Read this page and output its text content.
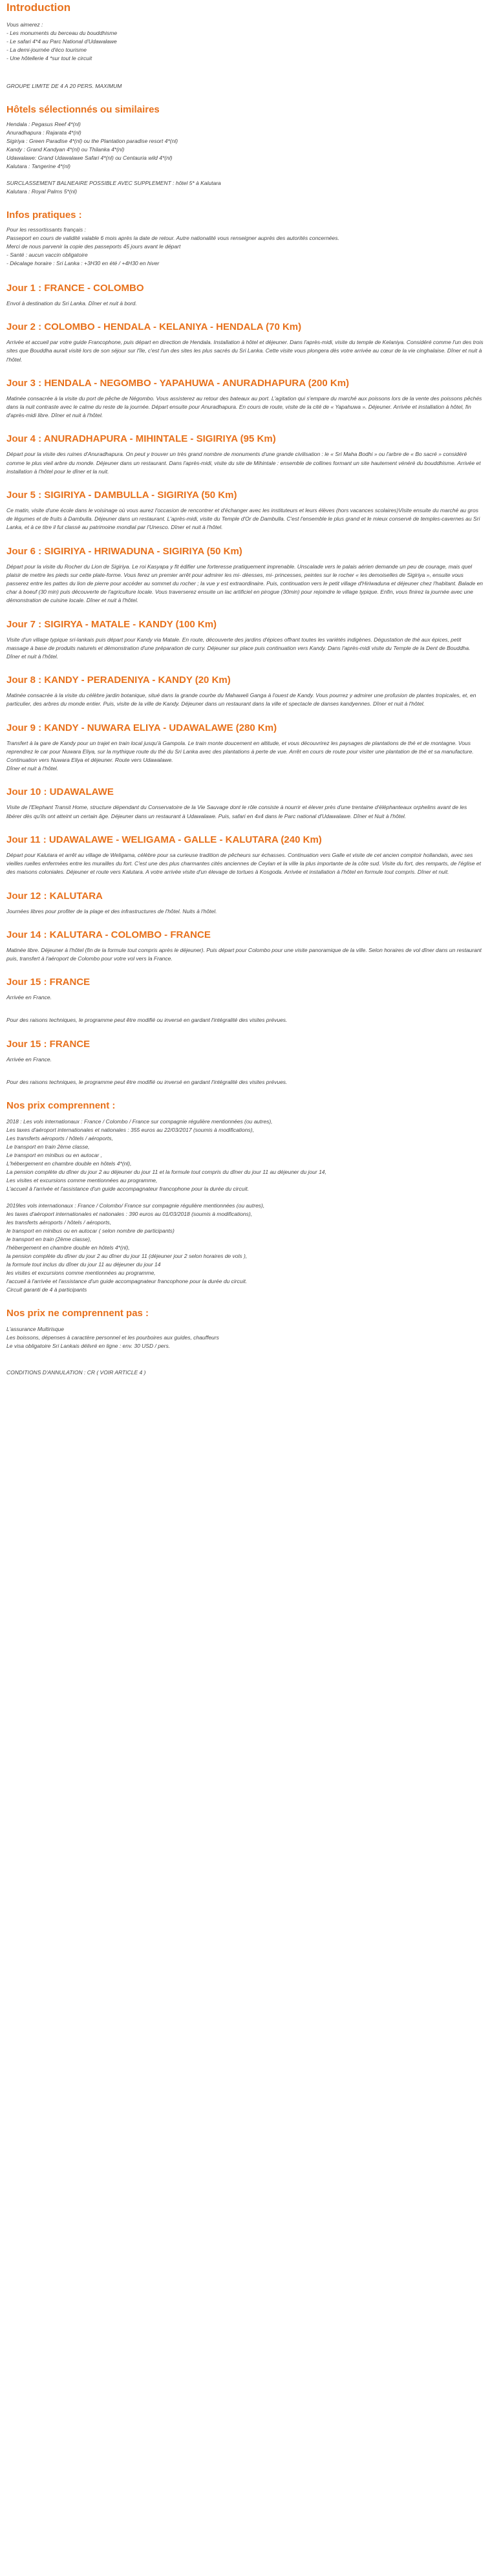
Introduction
Vous aimerez :
- Les monuments du berceau du bouddhisme
- Le safari 4*4 au Parc National d'Udawalawe
- La demi-journée d'éco tourisme
- Une hôtellerie 4 *sur tout le circuit
GROUPE LIMITE DE 4 A 20 PERS. MAXIMUM
Hôtels sélectionnés ou similaires
Hendala : Pegasus Reef 4*(nl)
Anuradhapura : Rajarata 4*(nl)
Sigiriya : Green Paradise 4*(nl) ou the Plantation paradise resort 4*(nl)
Kandy : Grand Kandyan 4*(nl) ou Thilanka 4*(nl)
Udawalawe: Grand Udawalawe Safari 4*(nl) ou Centauria wild 4*(nl)
Kalutara : Tangerine 4*(nl)
SURCLASSEMENT BALNEAIRE POSSIBLE AVEC SUPPLEMENT : hôtel 5* à Kalutara
Kalutara : Royal Palms 5*(nl)
Infos pratiques :
Pour les ressortissants français :
Passeport en cours de validité valable 6 mois après la date de retour. Autre nationalité vous renseigner auprès des autorités concernées.
Merci de nous parvenir la copie des passeports 45 jours avant le départ
- Santé : aucun vaccin obligatoire
- Décalage horaire : Sri Lanka : +3H30 en été / +4H30 en hiver
Jour 1 : FRANCE - COLOMBO

Envol à destination du Sri Lanka. Dîner et nuit à bord.

Jour 2 : COLOMBO - HENDALA - KELANIYA - HENDALA (70 Km)

Arrivée et accueil par votre guide Francophone, puis départ en direction de Hendala. Installation à hôtel et déjeuner. Dans l'après-midi, visite du temple de Kelaniya. Considéré comme l'un des trois sites que Bouddha aurait visité lors de son séjour sur l'île, c'est l'un des sites les plus sacrés du Sri Lanka. Cette visite vous plongera dès votre arrivée au cœur de la vie cinghalaise. Dîner et nuit à l'hôtel.

Jour 3 : HENDALA - NEGOMBO - YAPAHUWA - ANURADHAPURA (200 Km)

Matinée consacrée à la visite du port de pêche de Négombo. Vous assisterez au retour des bateaux au port. L'agitation qui s'empare du marché aux poissons lors de la vente des poissons pêchés dans la nuit contraste avec le calme du reste de la journée. Départ ensuite pour Anuradhapura. En cours de route, visite de la cité de « Yapahuwa ». Déjeuner. Arrivée et installation à hôtel, fin d'après-midi libre. Dîner et nuit à l'hôtel.

Jour 4 : ANURADHAPURA - MIHINTALE - SIGIRIYA (95 Km)

Départ pour la visite des ruines d'Anuradhapura. On peut y trouver un très grand nombre de monuments d'une grande civilisation : le « Sri Maha Bodhi » ou l'arbre de « Bo sacré » considéré comme le plus vieil arbre du monde. Déjeuner dans un restaurant. Dans l'après-midi, visite du site de Mihintale : ensemble de collines formant un site hautement vénéré du bouddhisme. Arrivée et installation à l'hôtel pour le dîner et la nuit.

Jour 5 : SIGIRIYA - DAMBULLA - SIGIRIYA (50 Km)

Ce matin, visite d'une école dans le voisinage où vous aurez l'occasion de rencontrer et d'échanger avec les instituteurs et leurs élèves (hors vacances scolaires)Visite ensuite du marché au gros de légumes et de fruits à Dambulla. Déjeuner dans un restaurant. L'après-midi, visite du Temple d'Or de Dambulla. C'est l'ensemble le plus grand et le mieux conservé de temples-cavernes au Sri Lanka, et à ce titre il fut classé au patrimoine mondial par l'Unesco. Dîner et nuit à l'hôtel.

Jour 6 : SIGIRIYA - HRIWADUNA - SIGIRIYA (50 Km)

Départ pour la visite du Rocher du Lion de Sigiriya. Le roi Kasyapa y fit édifier une forteresse pratiquement imprenable. Unscalade vers le palais aérien demande un peu de courage, mais quel plaisir de mettre les pieds sur cette plate-forme. Vous ferez un premier arrêt pour admirer les mi- déesses, mi- princesses, peintes sur le rocher « les demoiselles de Sigiriya », ensuite vous passerez entre les pattes du lion de pierre pour accéder au sommet du rocher ; la vue y est extraordinaire. Puis, continuation vers le petit village d'Hiriwaduna et déjeuner chez l'habitant. Balade en char à boeuf (30 min) puis découverte de l'agriculture locale. Vous traverserez ensuite un lac artificiel en pirogue (30min) pour rejoindre le village typique. Enfin, vous finirez la journée avec une démonstration de cuisine locale. Dîner et nuit à l'hôtel.

Jour 7 : SIGIRYA - MATALE - KANDY (100 Km)

Visite d'un village typique sri-lankais puis départ pour Kandy via Matale. En route, découverte des jardins d'épices offrant toutes les variétés indigènes. Dégustation de thé aux épices, petit massage à base de produits naturels et démonstration d'une préparation de curry. Déjeuner sur place puis continuation vers Kandy. Dans l'après-midi visite du Temple de la Dent de Bouddha. Dîner et nuit à l'hôtel.

Jour 8 : KANDY - PERADENIYA - KANDY (20 Km)

Matinée consacrée à la visite du célèbre jardin botanique, situé dans la grande courbe du Mahaweli Ganga à l'ouest de Kandy. Vous pourrez y admirer une profusion de plantes tropicales, et, en particulier, des arbres du monde entier. Puis, visite de la ville de Kandy. Déjeuner dans un restaurant dans la ville et spectacle de danses kandyennes. Dîner et nuit à l'hôtel.

Jour 9 : KANDY - NUWARA ELIYA - UDAWALAWE (280 Km)

Transfert à la gare de Kandy pour un trajet en train local jusqu'à Gampola. Le train monte doucement en altitude, et vous découvrirez les paysages de plantations de thé et de montagne. Vous reprendrez le car pour Nuwara Eliya, sur la mythique route du thé du Sri Lanka avec des plantations à perte de vue. Arrêt en cours de route pour visiter une plantation de thé et sa manufacture. Continuation vers Nuwara Eliya et déjeuner. Route vers Udawalawe.

Dîner et nuit à l'hôtel.

Jour 10 : UDAWALAWE

Visite de l'Elephant Transit Home, structure dépendant du Conservatoire de la Vie Sauvage dont le rôle consiste à nourrir et élever près d'une trentaine d'éléphanteaux orphelins avant de les libérer dès qu'ils ont atteint un certain âge. Déjeuner dans un restaurant à Udawalawe. Puis, safari en 4x4 dans le Parc national d'Udawalawe. Dîner et Nuit à l'hôtel.

Jour 11 : UDAWALAWE - WELIGAMA - GALLE - KALUTARA (240 Km)

Départ pour Kalutara et arrêt au village de Weligama, célèbre pour sa curieuse tradition de pêcheurs sur échasses. Continuation vers Galle et visite de cet ancien comptoir hollandais, avec ses vieilles ruelles enfermées entre les murailles du fort. C'est une des plus charmantes cités anciennes de Ceylan et la ville la plus importante de la côte sud. Visite du fort, des remparts, de l'église et des maisons coloniales. Déjeuner et route vers Kalutara. A votre arrivée visite d'un élevage de tortues à Kosgoda. Arrivée et installation à l'hôtel en formule tout compris. Dîner et nuit.

Jour 12 : KALUTARA

Journées libres pour profiter de la plage et des infrastructures de l'hôtel. Nuits à l'hôtel.

Jour 14 : KALUTARA - COLOMBO - FRANCE

Matinée libre. Déjeuner à l'hôtel (fin de la formule tout compris après le déjeuner). Puis départ pour Colombo pour une visite panoramique de la ville. Selon horaires de vol dîner dans un restaurant puis, transfert à l'aéroport de Colombo pour votre vol vers la France.

Jour 15 : FRANCE

Arrivée en France.

Pour des raisons techniques, le programme peut être modifié ou inversé en gardant l'intégralité des visites prévues.

Jour 15 : FRANCE

Arrivée en France.

Pour des raisons techniques, le programme peut être modifié ou inversé en gardant l'intégralité des visites prévues.

Nos prix comprennent :
2018 : Les vols internationaux : France / Colombo / France sur compagnie régulière mentionnées (ou autres),
Les taxes d'aéroport internationales et nationales : 355 euros au 22/03/2017 (soumis à modifications),
Les transferts aéroports / hôtels / aéroports,
Le transport en train 2ème classe,
Le transport en minibus ou en autocar ,
L'hébergement en chambre double en hôtels 4*(nl),
La pension complète du dîner du jour 2 au déjeuner du jour 11 et la formule tout compris du dîner du jour 11 au déjeuner du jour 14,
Les visites et excursions comme mentionnées au programme,
L'accueil à l'arrivée et l'assistance d'un guide accompagnateur francophone pour la durée du circuit.
2019les vols internationaux : France / Colombo/ France sur compagnie régulière mentionnées (ou autres),
les taxes d'aéroport internationales et nationales : 390 euros au 01/03/2018 (soumis à modifications),
les transferts aéroports / hôtels / aéroports,
le transport en minibus ou en autocar ( selon nombre de participants)
le transport en train (2ème classe),
l'hébergement en chambre double en hôtels 4*(nl),
la pension complète du dîner du jour 2 au dîner du jour 11 (déjeuner jour 2 selon horaires de vols ),
la formule tout inclus du dîner du jour 11 au déjeuner du jour 14
les visites et excursions comme mentionnées au programme,
l'accueil à l'arrivée et l'assistance d'un guide accompagnateur francophone pour la durée du circuit.
Circuit garanti de 4 à participants
Nos prix ne comprennent pas :
L'assurance Multirisque
Les boissons, dépenses à caractère personnel et les pourboires aux guides, chauffeurs
Le visa obligatoire Sri Lankais délivré en ligne : env. 30 USD / pers.
CONDITIONS D'ANNULATION : CR ( VOIR ARTICLE 4 )
